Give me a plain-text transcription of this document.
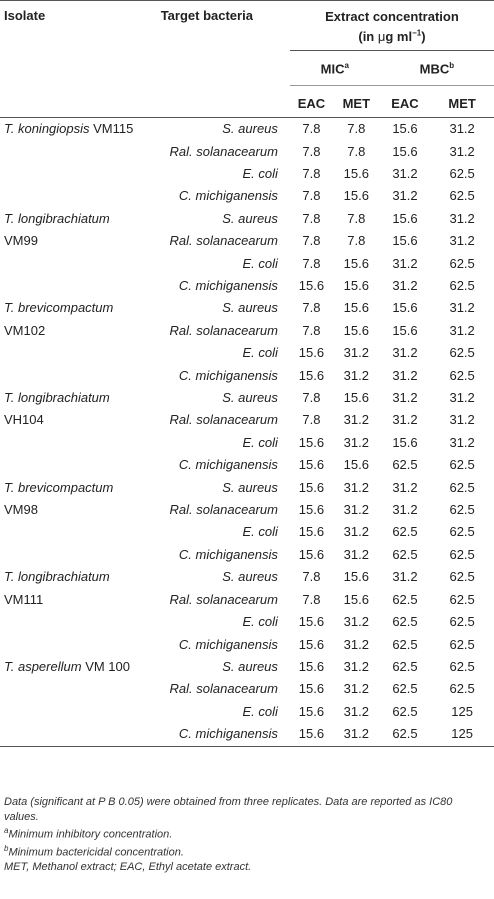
Isolate	Target bacteria	Extract concentration
(in μg $ml^{-1}$)			
		MIC$^a$		MBC$^b$
		EAC	MET	EAC	MET

T. koningiopsis VM115	S. aureus	7.8	7.8	15.6	31.2
	Ral. solanacearum	7.8	7.8	15.6	31.2
	E. coli	7.8	15.6	31.2	62.5
	C. michiganensis	7.8	15.6	31.2	62.5

T. longibrachiatum VM99	S. aureus	7.8	7.8	15.6	31.2
	Ral. solanacearum	7.8	7.8	15.6	31.2
	E. coli	7.8	15.6	31.2	62.5
	C. michiganensis	15.6	15.6	31.2	62.5

T. brevicompactum VM102	S. aureus	7.8	15.6	15.6	31.2
	Ral. solanacearum	7.8	15.6	15.6	31.2
	E. coli	15.6	31.2	31.2	62.5
	C. michiganensis	15.6	31.2	31.2	62.5

T. longibrachiatum VH104	S. aureus	7.8	15.6	31.2	31.2
	Ral. solanacearum	7.8	31.2	31.2	31.2
	E. coli	15.6	31.2	15.6	31.2
	C. michiganensis	15.6	15.6	62.5	62.5

T. brevicompactum VM98	S. aureus	15.6	31.2	31.2	62.5
	Ral. solanacearum	15.6	31.2	31.2	62.5
	E. coli	15.6	31.2	62.5	62.5
	C. michiganensis	15.6	31.2	62.5	62.5

T. longibrachiatum VM111	S. aureus	7.8	15.6	31.2	62.5
	Ral. solanacearum	7.8	15.6	62.5	62.5
	E. coli	15.6	31.2	62.5	62.5
	C. michiganensis	15.6	31.2	62.5	62.5

T. asperellum VM 100	S. aureus	15.6	31.2	62.5	62.5
	Ral. solanacearum	15.6	31.2	62.5	62.5
	E. coli	15.6	31.2	62.5	125
	C. michiganensis	15.6	31.2	62.5	125

Data (significant at P B 0.05) were obtained from three replicates. Data are reported as IC80 values.

$^a$Minimum inhibitory concentration.

$^b$Minimum bactericidal concentration.

MET, Methanol extract; EAC, Ethyl acetate extract.
